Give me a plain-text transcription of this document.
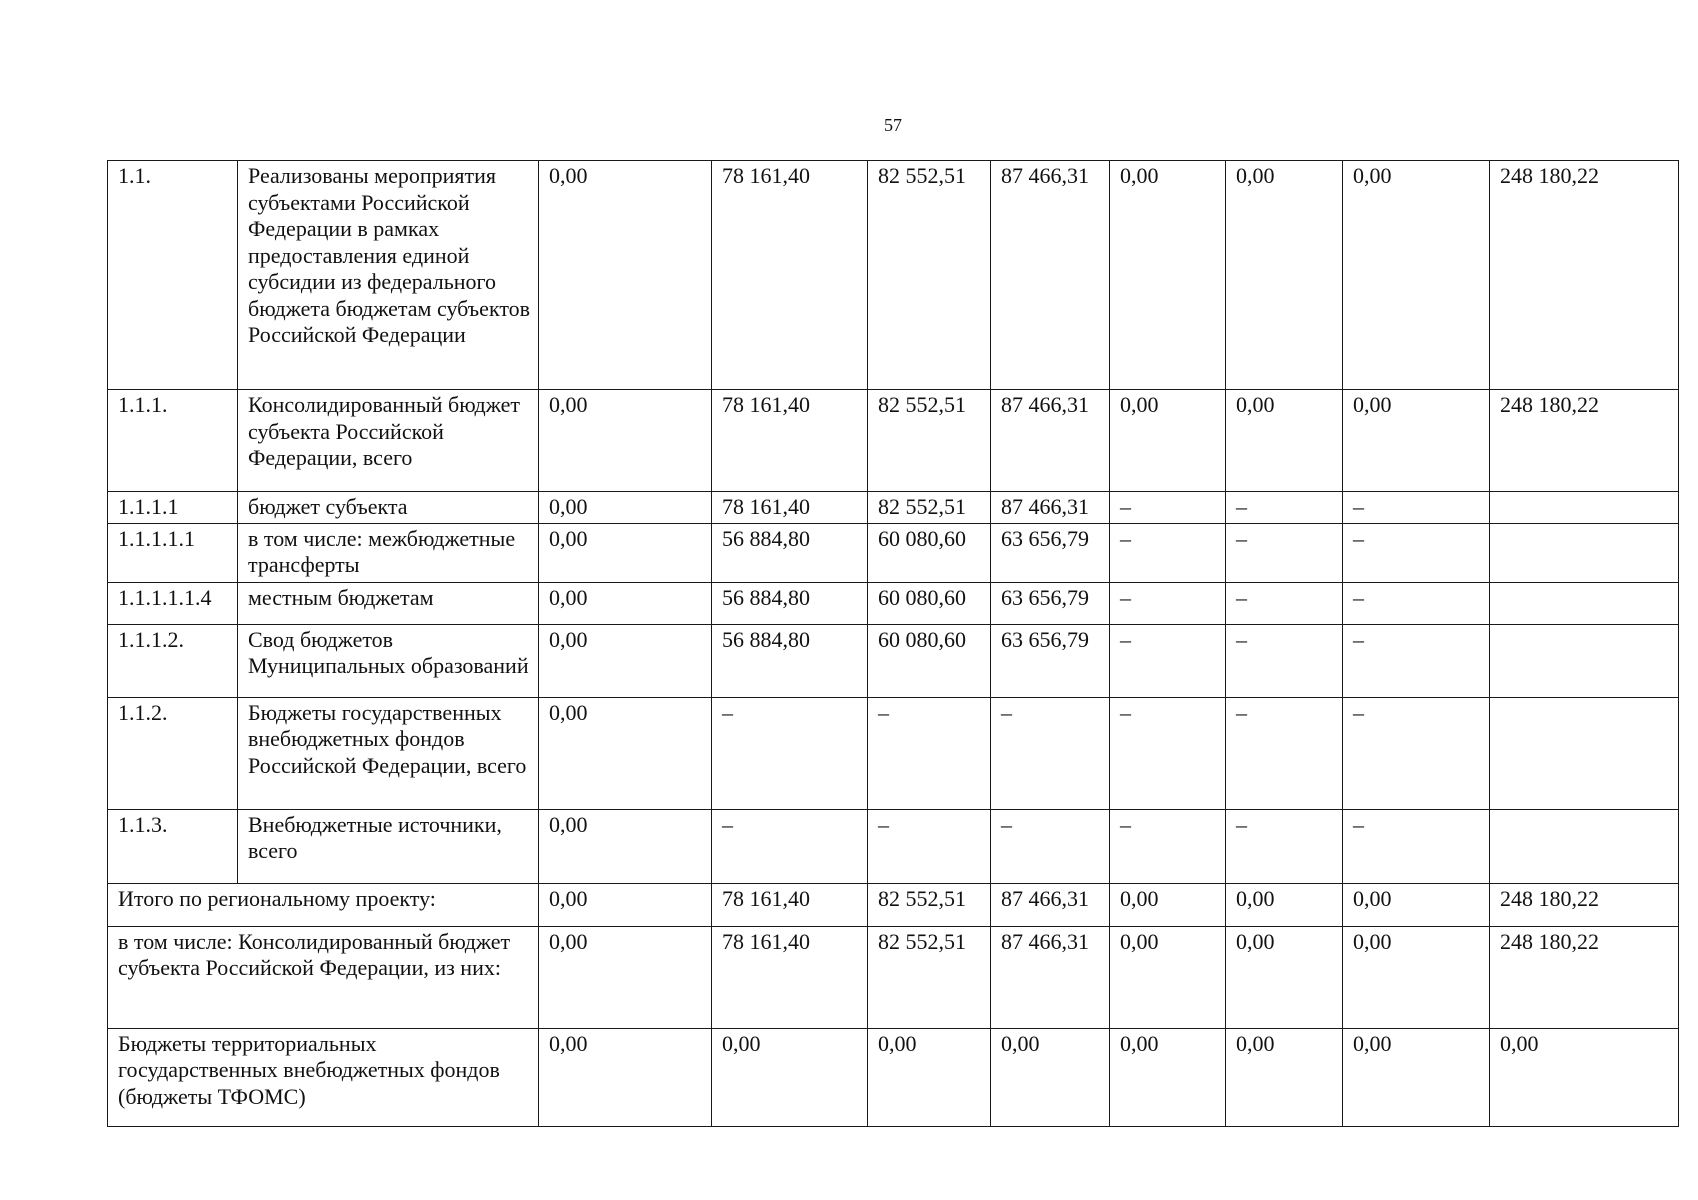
57
1.1.	Реализованы мероприятия субъектами Российской Федерации в рамках предоставления единой субсидии из федерального бюджета бюджетам субъектов Российской Федерации	0,00	78 161,40	82 552,51	87 466,31	0,00	0,00	0,00	248 180,22
1.1.1.	Консолидированный бюджет субъекта Российской Федерации, всего	0,00	78 161,40	82 552,51	87 466,31	0,00	0,00	0,00	248 180,22
1.1.1.1	бюджет субъекта	0,00	78 161,40	82 552,51	87 466,31	–	–	–	
1.1.1.1.1	в том числе: межбюджетные трансферты	0,00	56 884,80	60 080,60	63 656,79	–	–	–	
1.1.1.1.1.4	местным бюджетам	0,00	56 884,80	60 080,60	63 656,79	–	–	–	
1.1.1.2.	Свод бюджетов Муниципальных образований	0,00	56 884,80	60 080,60	63 656,79	–	–	–	
1.1.2.	Бюджеты государственных внебюджетных фондов Российской Федерации, всего	0,00	–	–	–	–	–	–	
1.1.3.	Внебюджетные источники, всего	0,00	–	–	–	–	–	–	
Итого по региональному проекту:		0,00	78 161,40	82 552,51	87 466,31	0,00	0,00	0,00	248 180,22
в том числе: Консолидированный бюджет субъекта Российской Федерации, из них:		0,00	78 161,40	82 552,51	87 466,31	0,00	0,00	0,00	248 180,22
Бюджеты территориальных государственных внебюджетных фондов (бюджеты ТФОМС)		0,00	0,00	0,00	0,00	0,00	0,00	0,00	0,00
